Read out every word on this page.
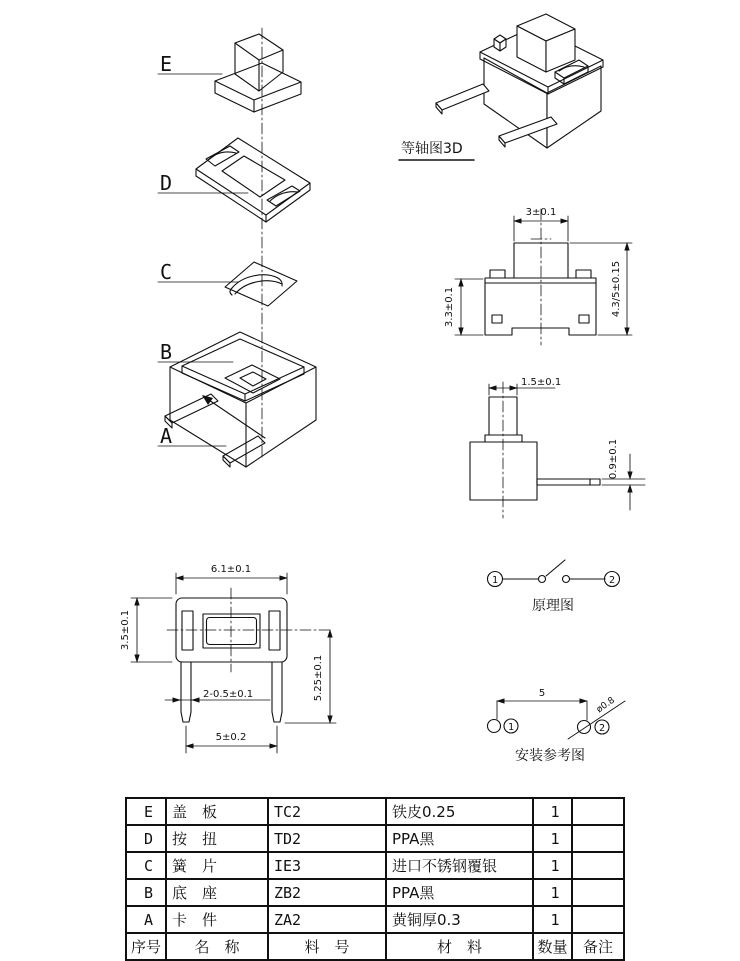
E
D
C
B
A
等轴图3D
3±0.1
3.3±0.1	4.3/5±0.15
1.5±0.1
0.9±0.1
6.1±0.1
3.5±0.1
5.25±0.1
2-0.5±0.1
5±0.2
1	2
原理图
5
ø0.8
1	2
安装参考图
E	盖　板	TC2	铁皮0.25	1	
D	按　扭	TD2	PPA黑	1	
C	簧　片	IE3	进口不锈钢覆银	1	
B	底　座	ZB2	PPA黑	1	
A	卡　件	ZA2	黄铜厚0.3	1	
序号	名　称	料　号	材　料	数量	备注
